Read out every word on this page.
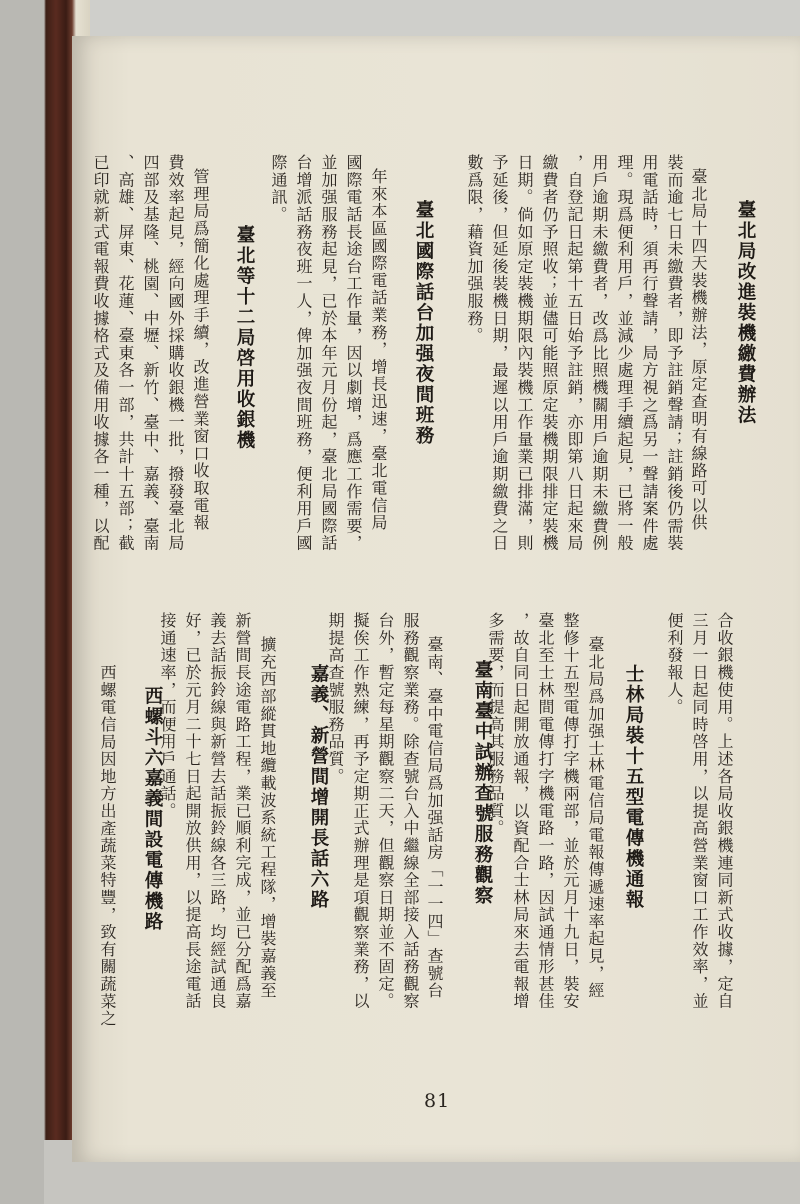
臺北局改進裝機繳費辦法

臺北局十四天裝機辦法，原定查明有線路可以供

裝而逾七日未繳費者，即予註銷聲請；註銷後仍需裝

用電話時，須再行聲請，局方視之爲另一聲請案件處

理。現爲便利用戶，並減少處理手續起見，已將一般

用戶逾期未繳費者，改爲比照機關用戶逾期未繳費例

，自登記日起第十五日始予註銷，亦即第八日起來局

繳費者仍予照收；並儘可能照原定裝機期限排定裝機

日期。倘如原定裝機期限內裝機工作量業已排滿，則

予延後，但延後裝機日期，最遲以用戶逾期繳費之日

數爲限，藉資加强服務。

臺北國際話台加强夜間班務

年來本區國際電話業務，增長迅速，臺北電信局

國際電話長途台工作量，因以劇增，爲應工作需要，

並加强服務起見，已於本年元月份起，臺北局國際話

台增派話務夜班一人，俾加强夜間班務，便利用戶國

際通訊。

臺北等十二局啓用收銀機

管理局爲簡化處理手續，改進營業窗口收取電報

費效率起見，經向國外採購收銀機一批，撥發臺北局

四部及基隆、桃園、中壢、新竹、臺中、嘉義、臺南

、高雄、屏東、花蓮、臺東各一部，共計十五部；截

已印就新式電報費收據格式及備用收據各一種，以配

合收銀機使用。上述各局收銀機連同新式收據，定自

三月一日起同時啓用，以提高營業窗口工作效率，並

便利發報人。

士林局裝十五型電傳機通報

臺北局爲加强士林電信局電報傳遞速率起見，經

整修十五型電傳打字機兩部，並於元月十九日，裝安

臺北至士林間電傳打字機電路一路，因試通情形甚佳

，故自同日起開放通報，以資配合士林局來去電報增

多需要，而提高其服務品質。

臺南臺中試辦查號服務觀察

臺南、臺中電信局爲加强話房「一一四」查號台

服務觀察業務。除查號台入中繼線全部接入話務觀察

台外，暫定每星期觀察二天，但觀察日期並不固定。

擬俟工作熟練，再予定期正式辦理是項觀察業務，以

期提高查號服務品質。

嘉義、新營間增開長話六路

擴充西部縱貫地纜載波系統工程隊，增裝嘉義至

新營間長途電路工程，業已順利完成，並已分配爲嘉

義去話振鈴線與新營去話振鈴線各三路，均經試通良

好，已於元月二十七日起開放供用，以提高長途電話

接通速率，而便用戶通話。

西螺斗六嘉義間設電傳機路

西螺電信局因地方出產蔬菜特豐，致有關蔬菜之

81
